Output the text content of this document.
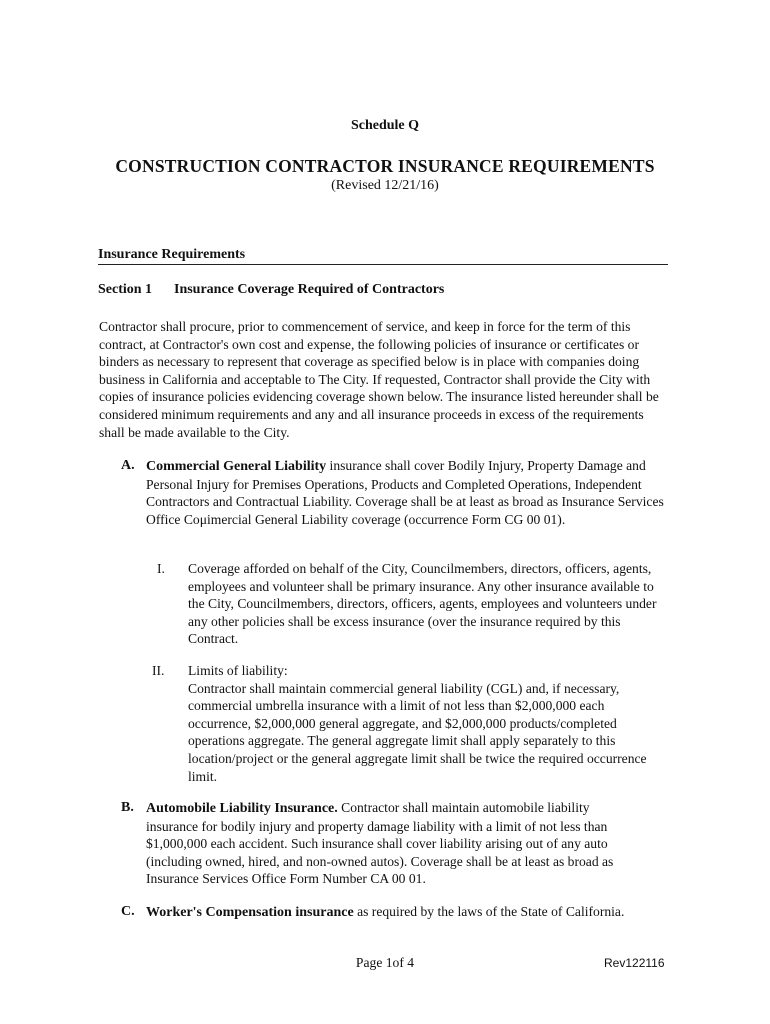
Schedule Q
CONSTRUCTION CONTRACTOR INSURANCE REQUIREMENTS
(Revised 12/21/16)
Insurance Requirements
Section 1 Insurance Coverage Required of Contractors
Contractor shall procure, prior to commencement of service, and keep in force for the term of this contract, at Contractor's own cost and expense, the following policies of insurance or certificates or binders as necessary to represent that coverage as specified below is in place with companies doing business in California and acceptable to The City. If requested, Contractor shall provide the City with copies of insurance policies evidencing coverage shown below. The insurance listed hereunder shall be considered minimum requirements and any and all insurance proceeds in excess of the requirements shall be made available to the City.
A. Commercial General Liability insurance shall cover Bodily Injury, Property Damage and Personal Injury for Premises Operations, Products and Completed Operations, Independent Contractors and Contractual Liability. Coverage shall be at least as broad as Insurance Services Office Coμimercial General Liability coverage (occurrence Form CG 00 01).
I. Coverage afforded on behalf of the City, Councilmembers, directors, officers, agents, employees and volunteer shall be primary insurance. Any other insurance available to the City, Councilmembers, directors, officers, agents, employees and volunteers under any other policies shall be excess insurance (over the insurance required by this Contract.
II. Limits of liability:
Contractor shall maintain commercial general liability (CGL) and, if necessary, commercial umbrella insurance with a limit of not less than $2,000,000 each occurrence, $2,000,000 general aggregate, and $2,000,000 products/completed operations aggregate. The general aggregate limit shall apply separately to this location/project or the general aggregate limit shall be twice the required occurrence limit.
B. Automobile Liability Insurance. Contractor shall maintain automobile liability insurance for bodily injury and property damage liability with a limit of not less than $1,000,000 each accident. Such insurance shall cover liability arising out of any auto (including owned, hired, and non-owned autos). Coverage shall be at least as broad as Insurance Services Office Form Number CA 00 01.
C. Worker's Compensation insurance as required by the laws of the State of California.
Page 1of 4	Rev122116
